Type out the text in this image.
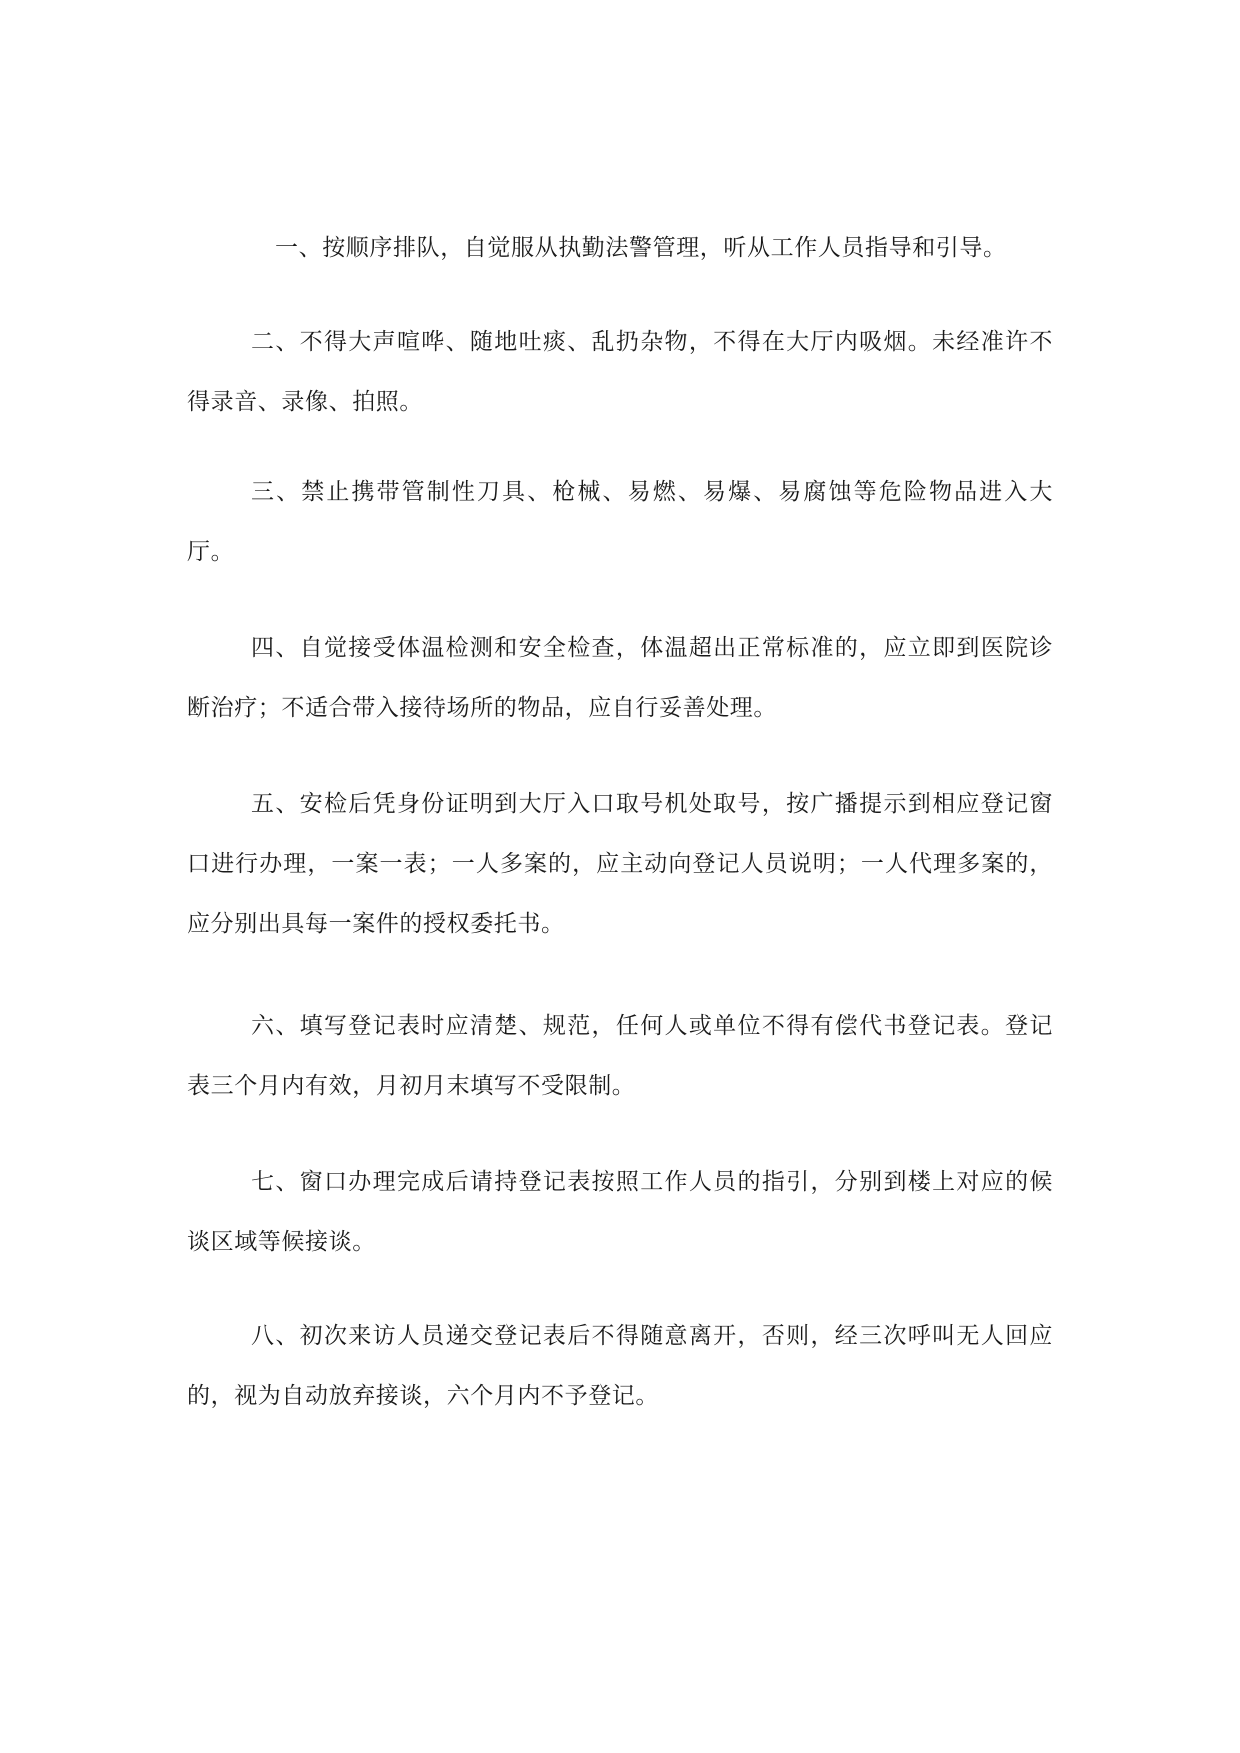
一、按顺序排队，自觉服从执勤法警管理，听从工作人员指导和引导。

二、不得大声喧哗、随地吐痰、乱扔杂物，不得在大厅内吸烟。未经准许不得录音、录像、拍照。

三、禁止携带管制性刀具、枪械、易燃、易爆、易腐蚀等危险物品进入大厅。

四、自觉接受体温检测和安全检查，体温超出正常标准的，应立即到医院诊断治疗；不适合带入接待场所的物品，应自行妥善处理。

五、安检后凭身份证明到大厅入口取号机处取号，按广播提示到相应登记窗口进行办理，一案一表；一人多案的，应主动向登记人员说明；一人代理多案的，应分别出具每一案件的授权委托书。

六、填写登记表时应清楚、规范，任何人或单位不得有偿代书登记表。登记表三个月内有效，月初月末填写不受限制。

七、窗口办理完成后请持登记表按照工作人员的指引，分别到楼上对应的候谈区域等候接谈。

八、初次来访人员递交登记表后不得随意离开，否则，经三次呼叫无人回应的，视为自动放弃接谈，六个月内不予登记。
